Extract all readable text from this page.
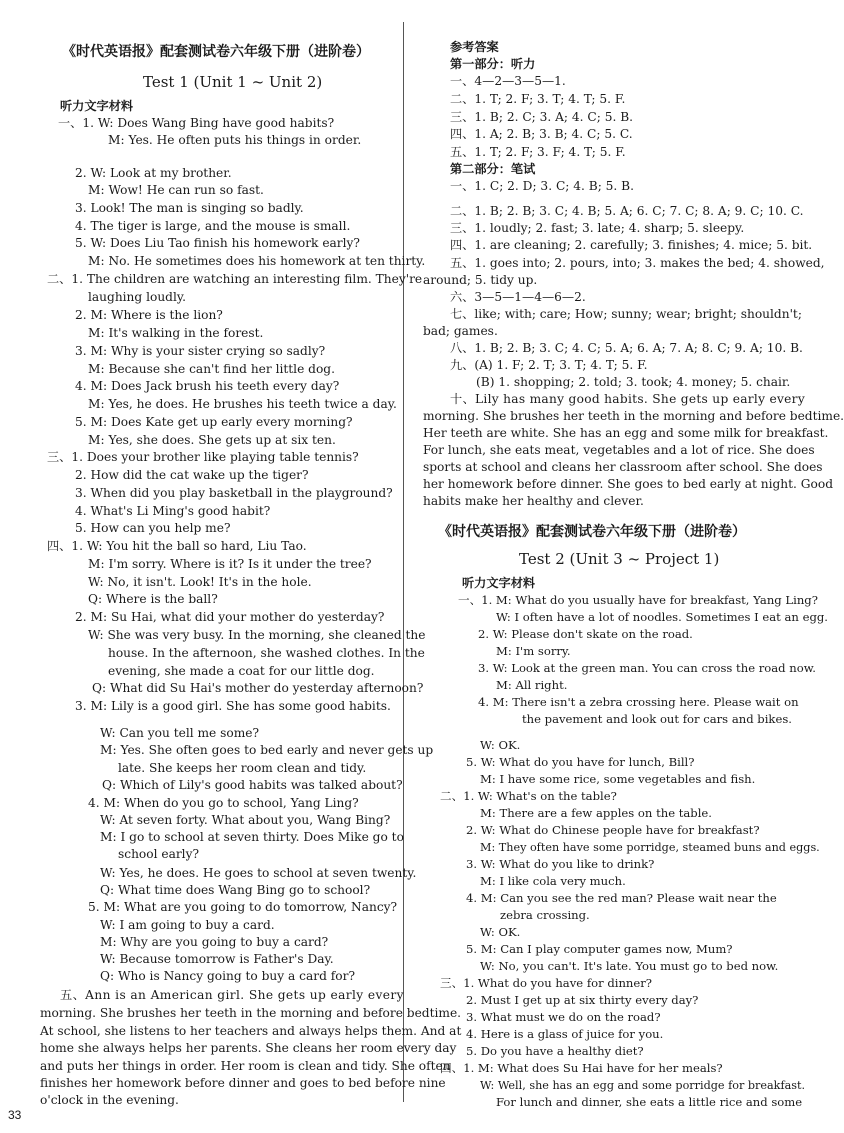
《时代英语报》配套测试卷六年级下册（进阶卷）
Test 1 (Unit 1 ~ Unit 2)
听力文字材料
一、1. W: Does Wang Bing have good habits?
M: Yes. He often puts his things in order.
2. W: Look at my brother.
M: Wow! He can run so fast.
3. Look! The man is singing so badly.
4. The tiger is large, and the mouse is small.
5. W: Does Liu Tao finish his homework early?
M: No. He sometimes does his homework at ten thirty.
二、1. The children are watching an interesting film. They're
laughing loudly.
2. M: Where is the lion?
M: It's walking in the forest.
3. M: Why is your sister crying so sadly?
M: Because she can't find her little dog.
4. M: Does Jack brush his teeth every day?
M: Yes, he does. He brushes his teeth twice a day.
5. M: Does Kate get up early every morning?
M: Yes, she does. She gets up at six ten.
三、1. Does your brother like playing table tennis?
2. How did the cat wake up the tiger?
3. When did you play basketball in the playground?
4. What's Li Ming's good habit?
5. How can you help me?
四、1. W: You hit the ball so hard, Liu Tao.
M: I'm sorry. Where is it? Is it under the tree?
W: No, it isn't. Look! It's in the hole.
Q: Where is the ball?
2. M: Su Hai, what did your mother do yesterday?
W: She was very busy. In the morning, she cleaned the
house. In the afternoon, she washed clothes. In the
evening, she made a coat for our little dog.
Q: What did Su Hai's mother do yesterday afternoon?
3. M: Lily is a good girl. She has some good habits.
W: Can you tell me some?
M: Yes. She often goes to bed early and never gets up
late. She keeps her room clean and tidy.
Q: Which of Lily's good habits was talked about?
4. M: When do you go to school, Yang Ling?
W: At seven forty. What about you, Wang Bing?
M: I go to school at seven thirty. Does Mike go to
school early?
W: Yes, he does. He goes to school at seven twenty.
Q: What time does Wang Bing go to school?
5. M: What are you going to do tomorrow, Nancy?
W: I am going to buy a card.
M: Why are you going to buy a card?
W: Because tomorrow is Father's Day.
Q: Who is Nancy going to buy a card for?
五、Ann is an American girl. She gets up early every
morning. She brushes her teeth in the morning and before bedtime.
At school, she listens to her teachers and always helps them. And at
home she always helps her parents. She cleans her room every day
and puts her things in order. Her room is clean and tidy. She often
finishes her homework before dinner and goes to bed before nine
o'clock in the evening.
参考答案
第一部分：听力
一、4—2—3—5—1.
二、1. T; 2. F; 3. T; 4. T; 5. F.
三、1. B; 2. C; 3. A; 4. C; 5. B.
四、1. A; 2. B; 3. B; 4. C; 5. C.
五、1. T; 2. F; 3. F; 4. T; 5. F.
第二部分：笔试
一、1. C; 2. D; 3. C; 4. B; 5. B.
二、1. B; 2. B; 3. C; 4. B; 5. A; 6. C; 7. C; 8. A; 9. C; 10. C.
三、1. loudly; 2. fast; 3. late; 4. sharp; 5. sleepy.
四、1. are cleaning; 2. carefully; 3. finishes; 4. mice; 5. bit.
五、1. goes into; 2. pours, into; 3. makes the bed; 4. showed,
around; 5. tidy up.
六、3—5—1—4—6—2.
七、like; with; care; How; sunny; wear; bright; shouldn't;
bad; games.
八、1. B; 2. B; 3. C; 4. C; 5. A; 6. A; 7. A; 8. C; 9. A; 10. B.
九、(A) 1. F; 2. T; 3. T; 4. T; 5. F.
(B) 1. shopping; 2. told; 3. took; 4. money; 5. chair.
十、Lily has many good habits. She gets up early every
morning. She brushes her teeth in the morning and before bedtime.
Her teeth are white. She has an egg and some milk for breakfast.
For lunch, she eats meat, vegetables and a lot of rice. She does
sports at school and cleans her classroom after school. She does
her homework before dinner. She goes to bed early at night. Good
habits make her healthy and clever.
《时代英语报》配套测试卷六年级下册（进阶卷）
Test 2 (Unit 3 ~ Project 1)
听力文字材料
一、1. M: What do you usually have for breakfast, Yang Ling?
W: I often have a lot of noodles. Sometimes I eat an egg.
2. W: Please don't skate on the road.
M: I'm sorry.
3. W: Look at the green man. You can cross the road now.
M: All right.
4. M: There isn't a zebra crossing here. Please wait on
the pavement and look out for cars and bikes.
W: OK.
5. W: What do you have for lunch, Bill?
M: I have some rice, some vegetables and fish.
二、1. W: What's on the table?
M: There are a few apples on the table.
2. W: What do Chinese people have for breakfast?
M: They often have some porridge, steamed buns and eggs.
3. W: What do you like to drink?
M: I like cola very much.
4. M: Can you see the red man? Please wait near the
zebra crossing.
W: OK.
5. M: Can I play computer games now, Mum?
W: No, you can't. It's late. You must go to bed now.
三、1. What do you have for dinner?
2. Must I get up at six thirty every day?
3. What must we do on the road?
4. Here is a glass of juice for you.
5. Do you have a healthy diet?
四、1. M: What does Su Hai have for her meals?
W: Well, she has an egg and some porridge for breakfast.
For lunch and dinner, she eats a little rice and some
33
